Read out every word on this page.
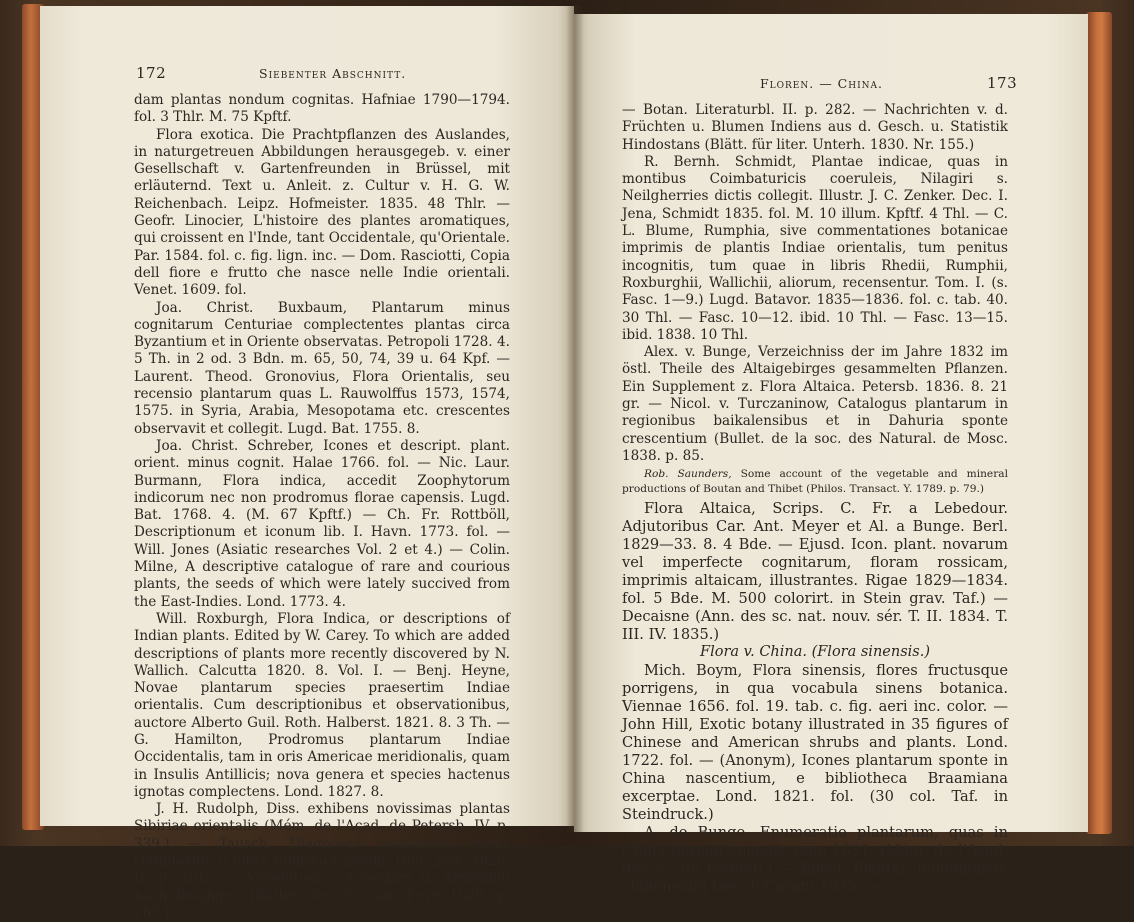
172	Siebenter Abschnitt.

dam plantas nondum cognitas. Hafniae 1790—1794. fol. 3 Thlr. M. 75 Kpftf.

Flora exotica. Die Prachtpflanzen des Auslandes, in naturgetreuen Abbildungen herausgegeb. v. einer Gesellschaft v. Gartenfreunden in Brüssel, mit erläuternd. Text u. Anleit. z. Cultur v. H. G. W. Reichenbach. Leipz. Hofmeister. 1835. 48 Thlr. — Geofr. Linocier, L'histoire des plantes aromatiques, qui croissent en l'Inde, tant Occidentale, qu'Orientale. Par. 1584. fol. c. fig. lign. inc. — Dom. Rasciotti, Copia dell fiore e frutto che nasce nelle Indie orientali. Venet. 1609. fol.

Joa. Christ. Buxbaum, Plantarum minus cognitarum Centuriae complectentes plantas circa Byzantium et in Oriente observatas. Petropoli 1728. 4. 5 Th. in 2 od. 3 Bdn. m. 65, 50, 74, 39 u. 64 Kpf. — Laurent. Theod. Gronovius, Flora Orientalis, seu recensio plantarum quas L. Rauwolffus 1573, 1574, 1575. in Syria, Arabia, Mesopotama etc. crescentes observavit et collegit. Lugd. Bat. 1755. 8.

Joa. Christ. Schreber, Icones et descript. plant. orient. minus cognit. Halae 1766. fol. — Nic. Laur. Burmann, Flora indica, accedit Zoophytorum indicorum nec non prodromus florae capensis. Lugd. Bat. 1768. 4. (M. 67 Kpftf.) — Ch. Fr. Rottböll, Descriptionum et iconum lib. I. Havn. 1773. fol. — Will. Jones (Asiatic researches Vol. 2 et 4.) — Colin. Milne, A descriptive catalogue of rare and courious plants, the seeds of which were lately succived from the East-Indies. Lond. 1773. 4.

Will. Roxburgh, Flora Indica, or descriptions of Indian plants. Edited by W. Carey. To which are added descriptions of plants more recently discovered by N. Wallich. Calcutta 1820. 8. Vol. I. — Benj. Heyne, Novae plantarum species praesertim Indiae orientalis. Cum descriptionibus et observationibus, auctore Alberto Guil. Roth. Halberst. 1821. 8. 3 Th. — G. Hamilton, Prodromus plantarum Indiae Occidentalis, tam in oris Americae meridionalis, quam in Insulis Antillicis; nova genera et species hactenus ignotas complectens. Lond. 1827. 8.

J. H. Rudolph, Diss. exhibens novissimas plantas Sibiriae orientalis (Mém. de l'Acad. de Petersb. IV. p. 339.) — Tausch, Diagnoses plantarum minus cognitarum e Flora Sibirica Gmelini. (Bot. Zeit. 1828. II. p. 481.) — Vegetation v. Georgien u. Armenien nach Belanger, (Bullet. des Sc. nat. Fevr. 1829. p. 267.)

Floren. — China.	173

— Botan. Literaturbl. II. p. 282. — Nachrichten v. d. Früchten u. Blumen Indiens aus d. Gesch. u. Statistik Hindostans (Blätt. für liter. Unterh. 1830. Nr. 155.)

R. Bernh. Schmidt, Plantae indicae, quas in montibus Coimbaturicis coeruleis, Nilagiri s. Neilgherries dictis collegit. Illustr. J. C. Zenker. Dec. I. Jena, Schmidt 1835. fol. M. 10 illum. Kpftf. 4 Thl. — C. L. Blume, Rumphia, sive commentationes botanicae imprimis de plantis Indiae orientalis, tum penitus incognitis, tum quae in libris Rhedii, Rumphii, Roxburghii, Wallichii, aliorum, recensentur. Tom. I. (s. Fasc. 1—9.) Lugd. Batavor. 1835—1836. fol. c. tab. 40. 30 Thl. — Fasc. 10—12. ibid. 10 Thl. — Fasc. 13—15. ibid. 1838. 10 Thl.

Alex. v. Bunge, Verzeichniss der im Jahre 1832 im östl. Theile des Altaigebirges gesammelten Pflanzen. Ein Supplement z. Flora Altaica. Petersb. 1836. 8. 21 gr. — Nicol. v. Turczaninow, Catalogus plantarum in regionibus baikalensibus et in Dahuria sponte crescentium (Bullet. de la soc. des Natural. de Mosc. 1838. p. 85.

Rob. Saunders, Some account of the vegetable and mineral productions of Boutan and Thibet (Philos. Transact. Y. 1789. p. 79.)

Flora Altaica, Scrips. C. Fr. a Lebedour. Adjutoribus Car. Ant. Meyer et Al. a Bunge. Berl. 1829—33. 8. 4 Bde. — Ejusd. Icon. plant. novarum vel imperfecte cognitarum, floram rossicam, imprimis altaicam, illustrantes. Rigae 1829—1834. fol. 5 Bde. M. 500 colorirt. in Stein grav. Taf.) — Decaisne (Ann. des sc. nat. nouv. sér. T. II. 1834. T. III. IV. 1835.)

Flora v. China. (Flora sinensis.)

Mich. Boym, Flora sinensis, flores fructusque porrigens, in qua vocabula sinens botanica. Viennae 1656. fol. 19. tab. c. fig. aeri inc. color. — John Hill, Exotic botany illustrated in 35 figures of Chinese and American shrubs and plants. Lond. 1722. fol. — (Anonym), Icones plantarum sponte in China nascentium, e bibliotheca Braamiana excerptae. Lond. 1821. fol. (30 col. Taf. in Steindruck.)

A. de Bunge, Enumeratio plantarum, quas in China boreali collegit anno 1831. (Mém. de l'Acad. des sc. de Petersb.) — Ejusd. Plantar. mongholico-chinensium Dec. I. Casani 1835. —
